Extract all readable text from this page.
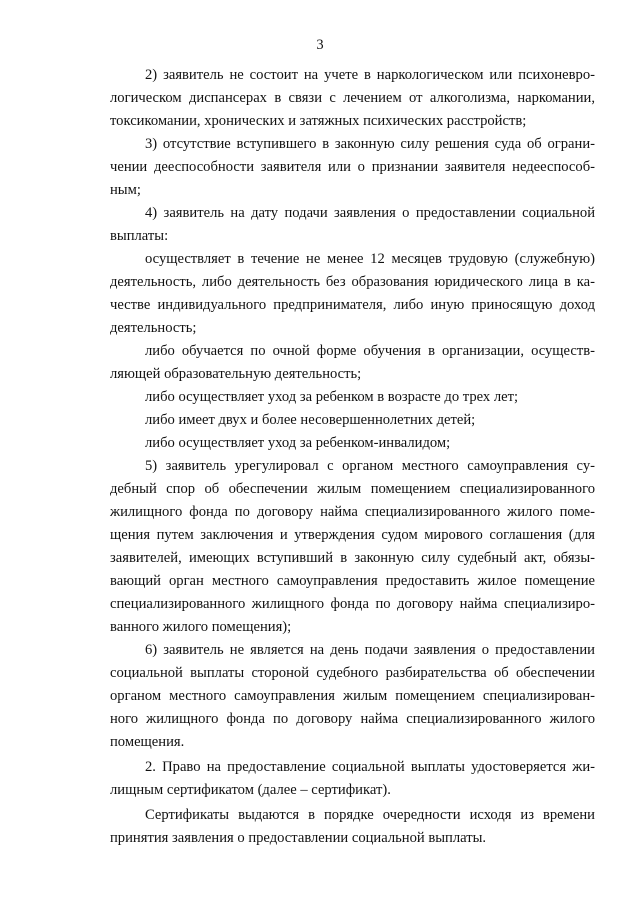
3
2) заявитель не состоит на учете в наркологическом или психоневро-
логическом диспансерах в связи с лечением от алкоголизма, наркомании,
токсикомании, хронических и затяжных психических расстройств;
3) отсутствие вступившего в законную силу решения суда об ограни-
чении дееспособности заявителя или о признании заявителя недееспособ-
ным;
4) заявитель на дату подачи заявления о предоставлении социальной
выплаты:
осуществляет в течение не менее 12 месяцев трудовую (служебную)
деятельность, либо деятельность без образования юридического лица в ка-
честве индивидуального предпринимателя, либо иную приносящую доход
деятельность;
либо обучается по очной форме обучения в организации, осуществ-
ляющей образовательную деятельность;
либо осуществляет уход за ребенком в возрасте до трех лет;
либо имеет двух и более несовершеннолетних детей;
либо осуществляет уход за ребенком-инвалидом;
5) заявитель урегулировал с органом местного самоуправления су-
дебный спор об обеспечении жилым помещением специализированного
жилищного фонда по договору найма специализированного жилого поме-
щения путем заключения и утверждения судом мирового соглашения (для
заявителей, имеющих вступивший в законную силу судебный акт, обязы-
вающий орган местного самоуправления предоставить жилое помещение
специализированного жилищного фонда по договору найма специализиро-
ванного жилого помещения);
6) заявитель не является на день подачи заявления о предоставлении
социальной выплаты стороной судебного разбирательства об обеспечении
органом местного самоуправления жилым помещением специализирован-
ного жилищного фонда по договору найма специализированного жилого
помещения.
2. Право на предоставление социальной выплаты удостоверяется жи-
лищным сертификатом (далее – сертификат).
Сертификаты выдаются в порядке очередности исходя из времени
принятия заявления о предоставлении социальной выплаты.
